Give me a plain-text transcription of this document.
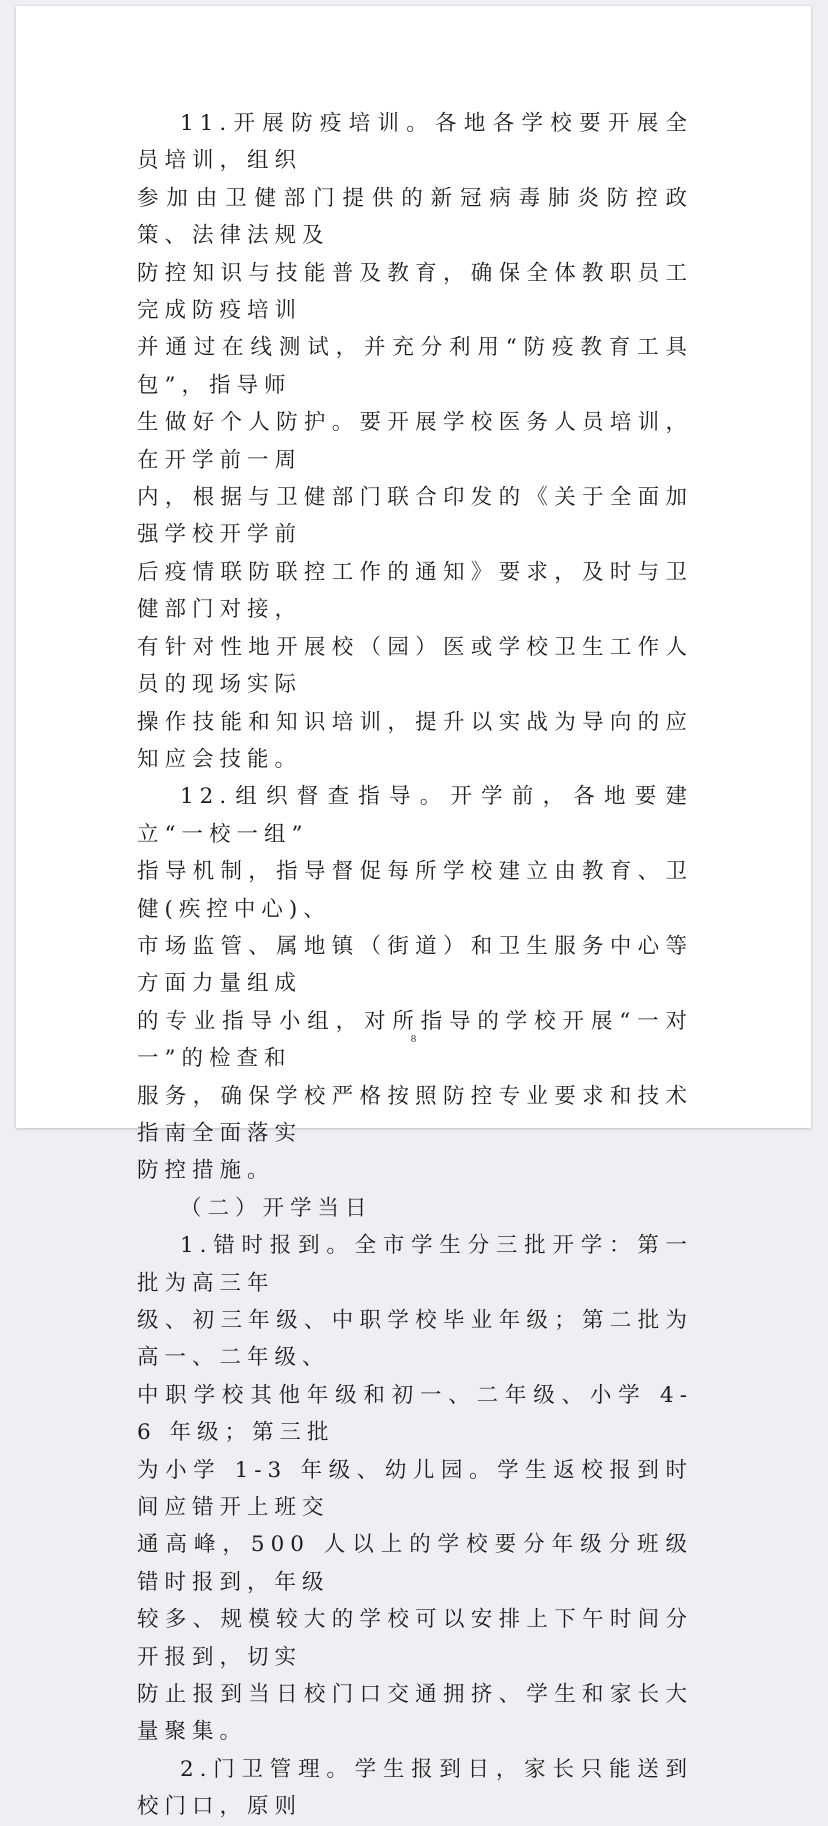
11.开展防疫培训。各地各学校要开展全员培训，组织
参加由卫健部门提供的新冠病毒肺炎防控政策、法律法规及
防控知识与技能普及教育，确保全体教职员工完成防疫培训
并通过在线测试，并充分利用“防疫教育工具包”，指导师
生做好个人防护。要开展学校医务人员培训，在开学前一周
内，根据与卫健部门联合印发的《关于全面加强学校开学前
后疫情联防联控工作的通知》要求，及时与卫健部门对接，
有针对性地开展校（园）医或学校卫生工作人员的现场实际
操作技能和知识培训，提升以实战为导向的应知应会技能。
12.组织督查指导。开学前，各地要建立“一校一组”
指导机制，指导督促每所学校建立由教育、卫健(疾控中心)、
市场监管、属地镇（街道）和卫生服务中心等方面力量组成
的专业指导小组，对所指导的学校开展“一对一”的检查和
服务，确保学校严格按照防控专业要求和技术指南全面落实
防控措施。
（二）开学当日
1.错时报到。全市学生分三批开学：第一批为高三年
级、初三年级、中职学校毕业年级；第二批为高一、二年级、
中职学校其他年级和初一、二年级、小学 4-6 年级；第三批
为小学 1-3 年级、幼儿园。学生返校报到时间应错开上班交
通高峰，500 人以上的学校要分年级分班级错时报到，年级
较多、规模较大的学校可以安排上下午时间分开报到，切实
防止报到当日校门口交通拥挤、学生和家长大量聚集。
2.门卫管理。学生报到日，家长只能送到校门口，原则
8
